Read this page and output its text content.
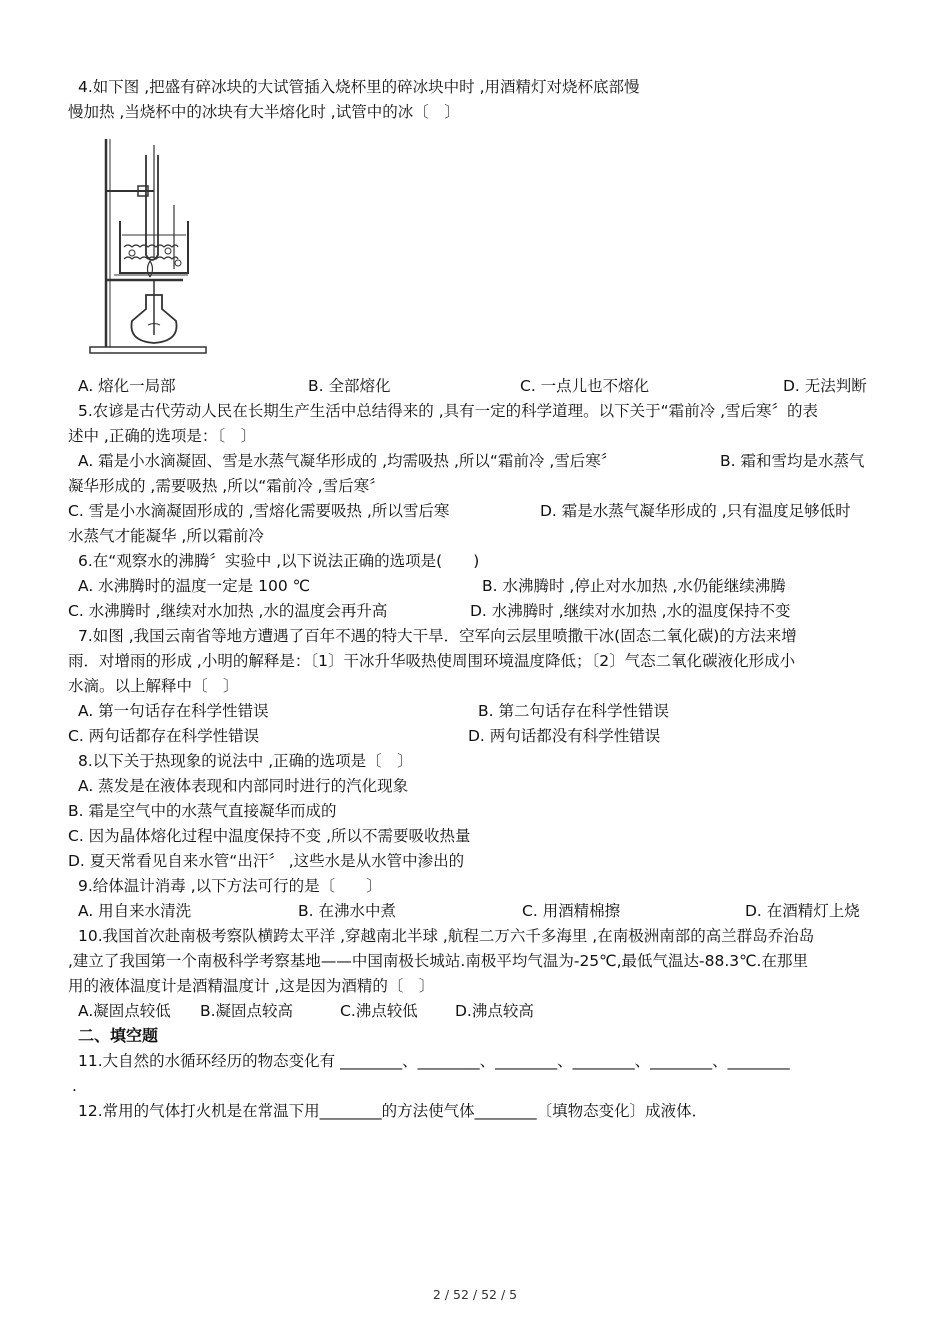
4.如下图 ,把盛有碎冰块的大试管插入烧杯里的碎冰块中时 ,用酒精灯对烧杯底部慢
慢加热 ,当烧杯中的冰块有大半熔化时 ,试管中的冰〔　〕
A. 熔化一局部	B. 全部熔化	C. 一点儿也不熔化	D. 无法判断
5.农谚是古代劳动人民在长期生产生活中总结得来的 ,具有一定的科学道理。以下关于“霜前冷 ,雪后寒〞的表
述中 ,正确的选项是：〔　〕
A. 霜是小水滴凝固、雪是水蒸气凝华形成的 ,均需吸热 ,所以“霜前冷 ,雪后寒〞	B. 霜和雪均是水蒸气
凝华形成的 ,需要吸热 ,所以“霜前冷 ,雪后寒〞
C. 雪是小水滴凝固形成的 ,雪熔化需要吸热 ,所以雪后寒	D. 霜是水蒸气凝华形成的 ,只有温度足够低时
水蒸气才能凝华 ,所以霜前冷
6.在“观察水的沸腾〞实验中 ,以下说法正确的选项是(　　)
A. 水沸腾时的温度一定是 100 ℃	B. 水沸腾时 ,停止对水加热 ,水仍能继续沸腾
C. 水沸腾时 ,继续对水加热 ,水的温度会再升高	D. 水沸腾时 ,继续对水加热 ,水的温度保持不变
7.如图 ,我国云南省等地方遭遇了百年不遇的特大干旱．空军向云层里喷撒干冰(固态二氧化碳)的方法来增
雨．对增雨的形成 ,小明的解释是：〔1〕干冰升华吸热使周围环境温度降低；〔2〕气态二氧化碳液化形成小
水滴。以上解释中〔　〕
A. 第一句话存在科学性错误	B. 第二句话存在科学性错误
C. 两句话都存在科学性错误	D. 两句话都没有科学性错误
8.以下关于热现象的说法中 ,正确的选项是〔　〕
A. 蒸发是在液体表现和内部同时进行的汽化现象
B. 霜是空气中的水蒸气直接凝华而成的
C. 因为晶体熔化过程中温度保持不变 ,所以不需要吸收热量
D. 夏天常看见自来水管“出汗〞 ,这些水是从水管中渗出的
9.给体温计消毒 ,以下方法可行的是〔　　〕
A. 用自来水清洗	B. 在沸水中煮	C. 用酒精棉擦	D. 在酒精灯上烧
10.我国首次赴南极考察队横跨太平洋 ,穿越南北半球 ,航程二万六千多海里 ,在南极洲南部的高兰群岛乔治岛
,建立了我国第一个南极科学考察基地——中国南极长城站.南极平均气温为-25℃,最低气温达-88.3℃.在那里
用的液体温度计是酒精温度计 ,这是因为酒精的〔　〕
A.凝固点较低 B.凝固点较高	C.沸点较低 D.沸点较高
二、填空题
11.大自然的水循环经历的物态变化有 ________、________、________、________、________、________
.
12.常用的气体打火机是在常温下用________的方法使气体________〔填物态变化〕成液体．
2 / 52 / 52 / 5
